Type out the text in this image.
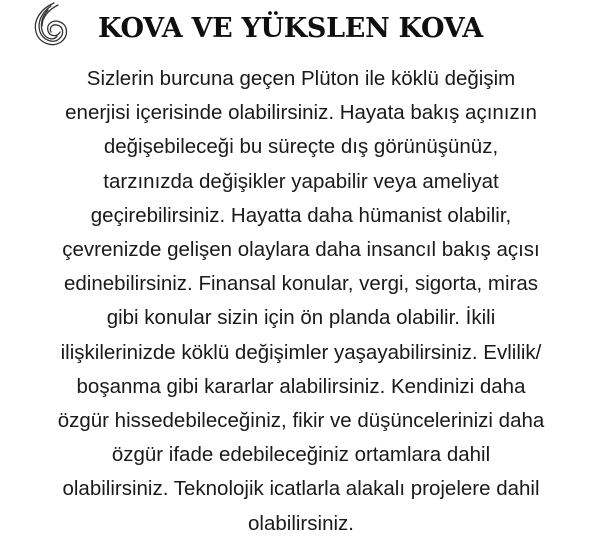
KOVA VE YÜKSLEN KOVA

Sizlerin burcuna geçen Plüton ile köklü değişim
enerjisi içerisinde olabilirsiniz. Hayata bakış açınızın
değişebileceği bu süreçte dış görünüşünüz,
tarzınızda değişikler yapabilir veya ameliyat
geçirebilirsiniz. Hayatta daha hümanist olabilir,
çevrenizde gelişen olaylara daha insancıl bakış açısı
edinebilirsiniz. Finansal konular, vergi, sigorta, miras
gibi konular sizin için ön planda olabilir. İkili
ilişkilerinizde köklü değişimler yaşayabilirsiniz. Evlilik/
boşanma gibi kararlar alabilirsiniz. Kendinizi daha
özgür hissedebileceğiniz, fikir ve düşüncelerinizi daha
özgür ifade edebileceğiniz ortamlara dahil
olabilirsiniz. Teknolojik icatlarla alakalı projelere dahil
olabilirsiniz.
